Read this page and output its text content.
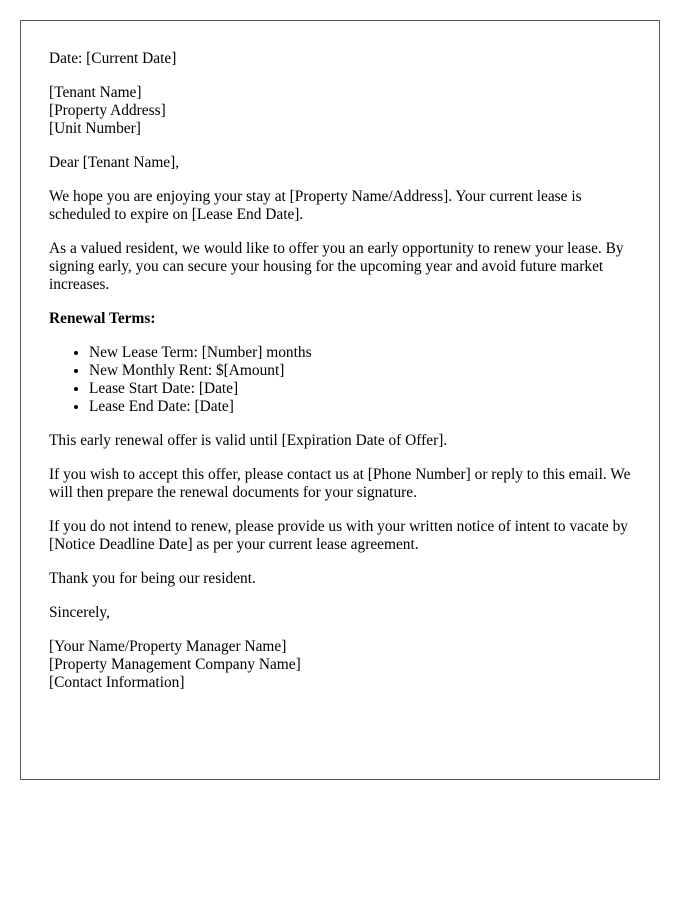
Date: [Current Date]

[Tenant Name]
[Property Address]
[Unit Number]

Dear [Tenant Name],

We hope you are enjoying your stay at [Property Name/Address]. Your current lease is scheduled to expire on [Lease End Date].

As a valued resident, we would like to offer you an early opportunity to renew your lease. By signing early, you can secure your housing for the upcoming year and avoid future market increases.

Renewal Terms:

• New Lease Term: [Number] months
• New Monthly Rent: $[Amount]
• Lease Start Date: [Date]
• Lease End Date: [Date]

This early renewal offer is valid until [Expiration Date of Offer].

If you wish to accept this offer, please contact us at [Phone Number] or reply to this email. We will then prepare the renewal documents for your signature.

If you do not intend to renew, please provide us with your written notice of intent to vacate by [Notice Deadline Date] as per your current lease agreement.

Thank you for being our resident.

Sincerely,

[Your Name/Property Manager Name]
[Property Management Company Name]
[Contact Information]
